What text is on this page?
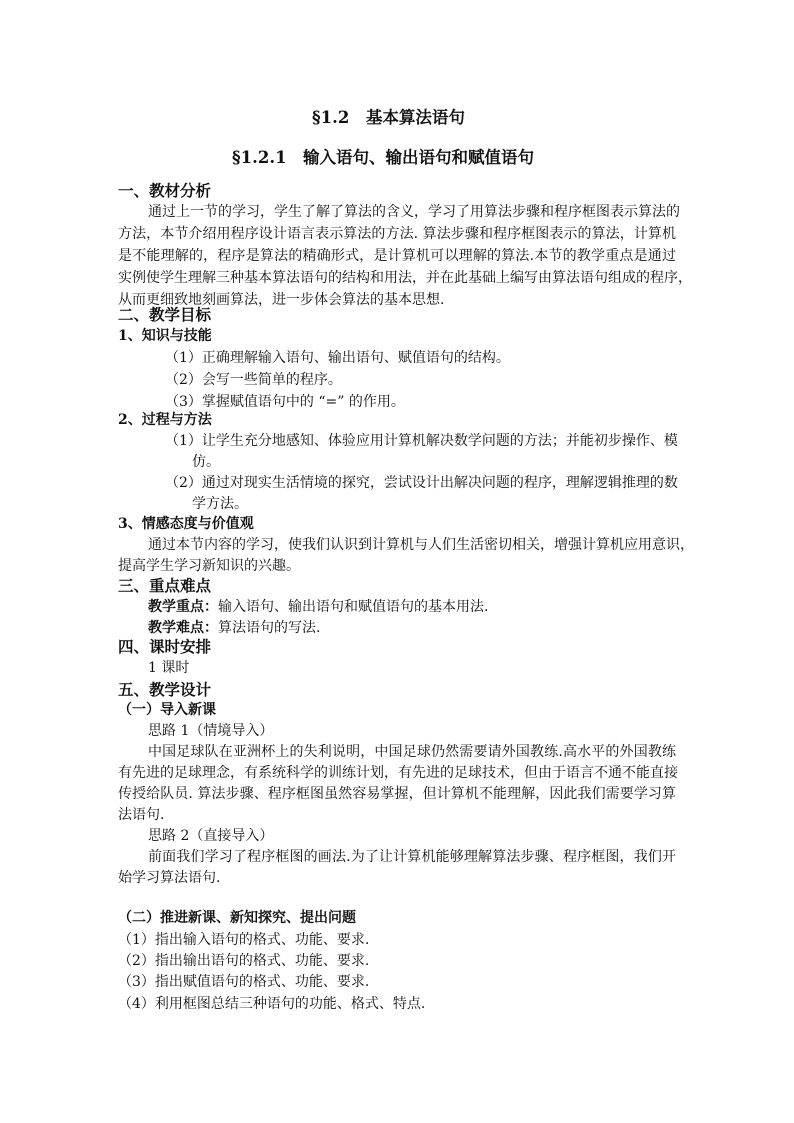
§1.2　基本算法语句
§1.2.1　输入语句、输出语句和赋值语句
一、教材分析
通过上一节的学习，学生了解了算法的含义，学习了用算法步骤和程序框图表示算法的
方法，本节介绍用程序设计语言表示算法的方法. 算法步骤和程序框图表示的算法，计算机
是不能理解的，程序是算法的精确形式，是计算机可以理解的算法.本节的教学重点是通过
实例使学生理解三种基本算法语句的结构和用法，并在此基础上编写由算法语句组成的程序，
从而更细致地刻画算法，进一步体会算法的基本思想.
二、教学目标
1、知识与技能
（1）正确理解输入语句、输出语句、赋值语句的结构。
（2）会写一些简单的程序。
（3）掌握赋值语句中的 “=” 的作用。
2、过程与方法
（1）让学生充分地感知、体验应用计算机解决数学问题的方法；并能初步操作、模
仿。
（2）通过对现实生活情境的探究，尝试设计出解决问题的程序，理解逻辑推理的数
学方法。
3、情感态度与价值观
通过本节内容的学习，使我们认识到计算机与人们生活密切相关，增强计算机应用意识，
提高学生学习新知识的兴趣。
三、重点难点
教学重点：输入语句、输出语句和赋值语句的基本用法.
教学难点：算法语句的写法.
四、课时安排
1 课时
五、教学设计
（一）导入新课
思路 1（情境导入）
中国足球队在亚洲杯上的失利说明，中国足球仍然需要请外国教练.高水平的外国教练
有先进的足球理念，有系统科学的训练计划，有先进的足球技术，但由于语言不通不能直接
传授给队员. 算法步骤、程序框图虽然容易掌握，但计算机不能理解，因此我们需要学习算
法语句.
思路 2（直接导入）
前面我们学习了程序框图的画法.为了让计算机能够理解算法步骤、程序框图，我们开
始学习算法语句.
（二）推进新课、新知探究、提出问题
（1）指出输入语句的格式、功能、要求.
（2）指出输出语句的格式、功能、要求.
（3）指出赋值语句的格式、功能、要求.
（4）利用框图总结三种语句的功能、格式、特点.
